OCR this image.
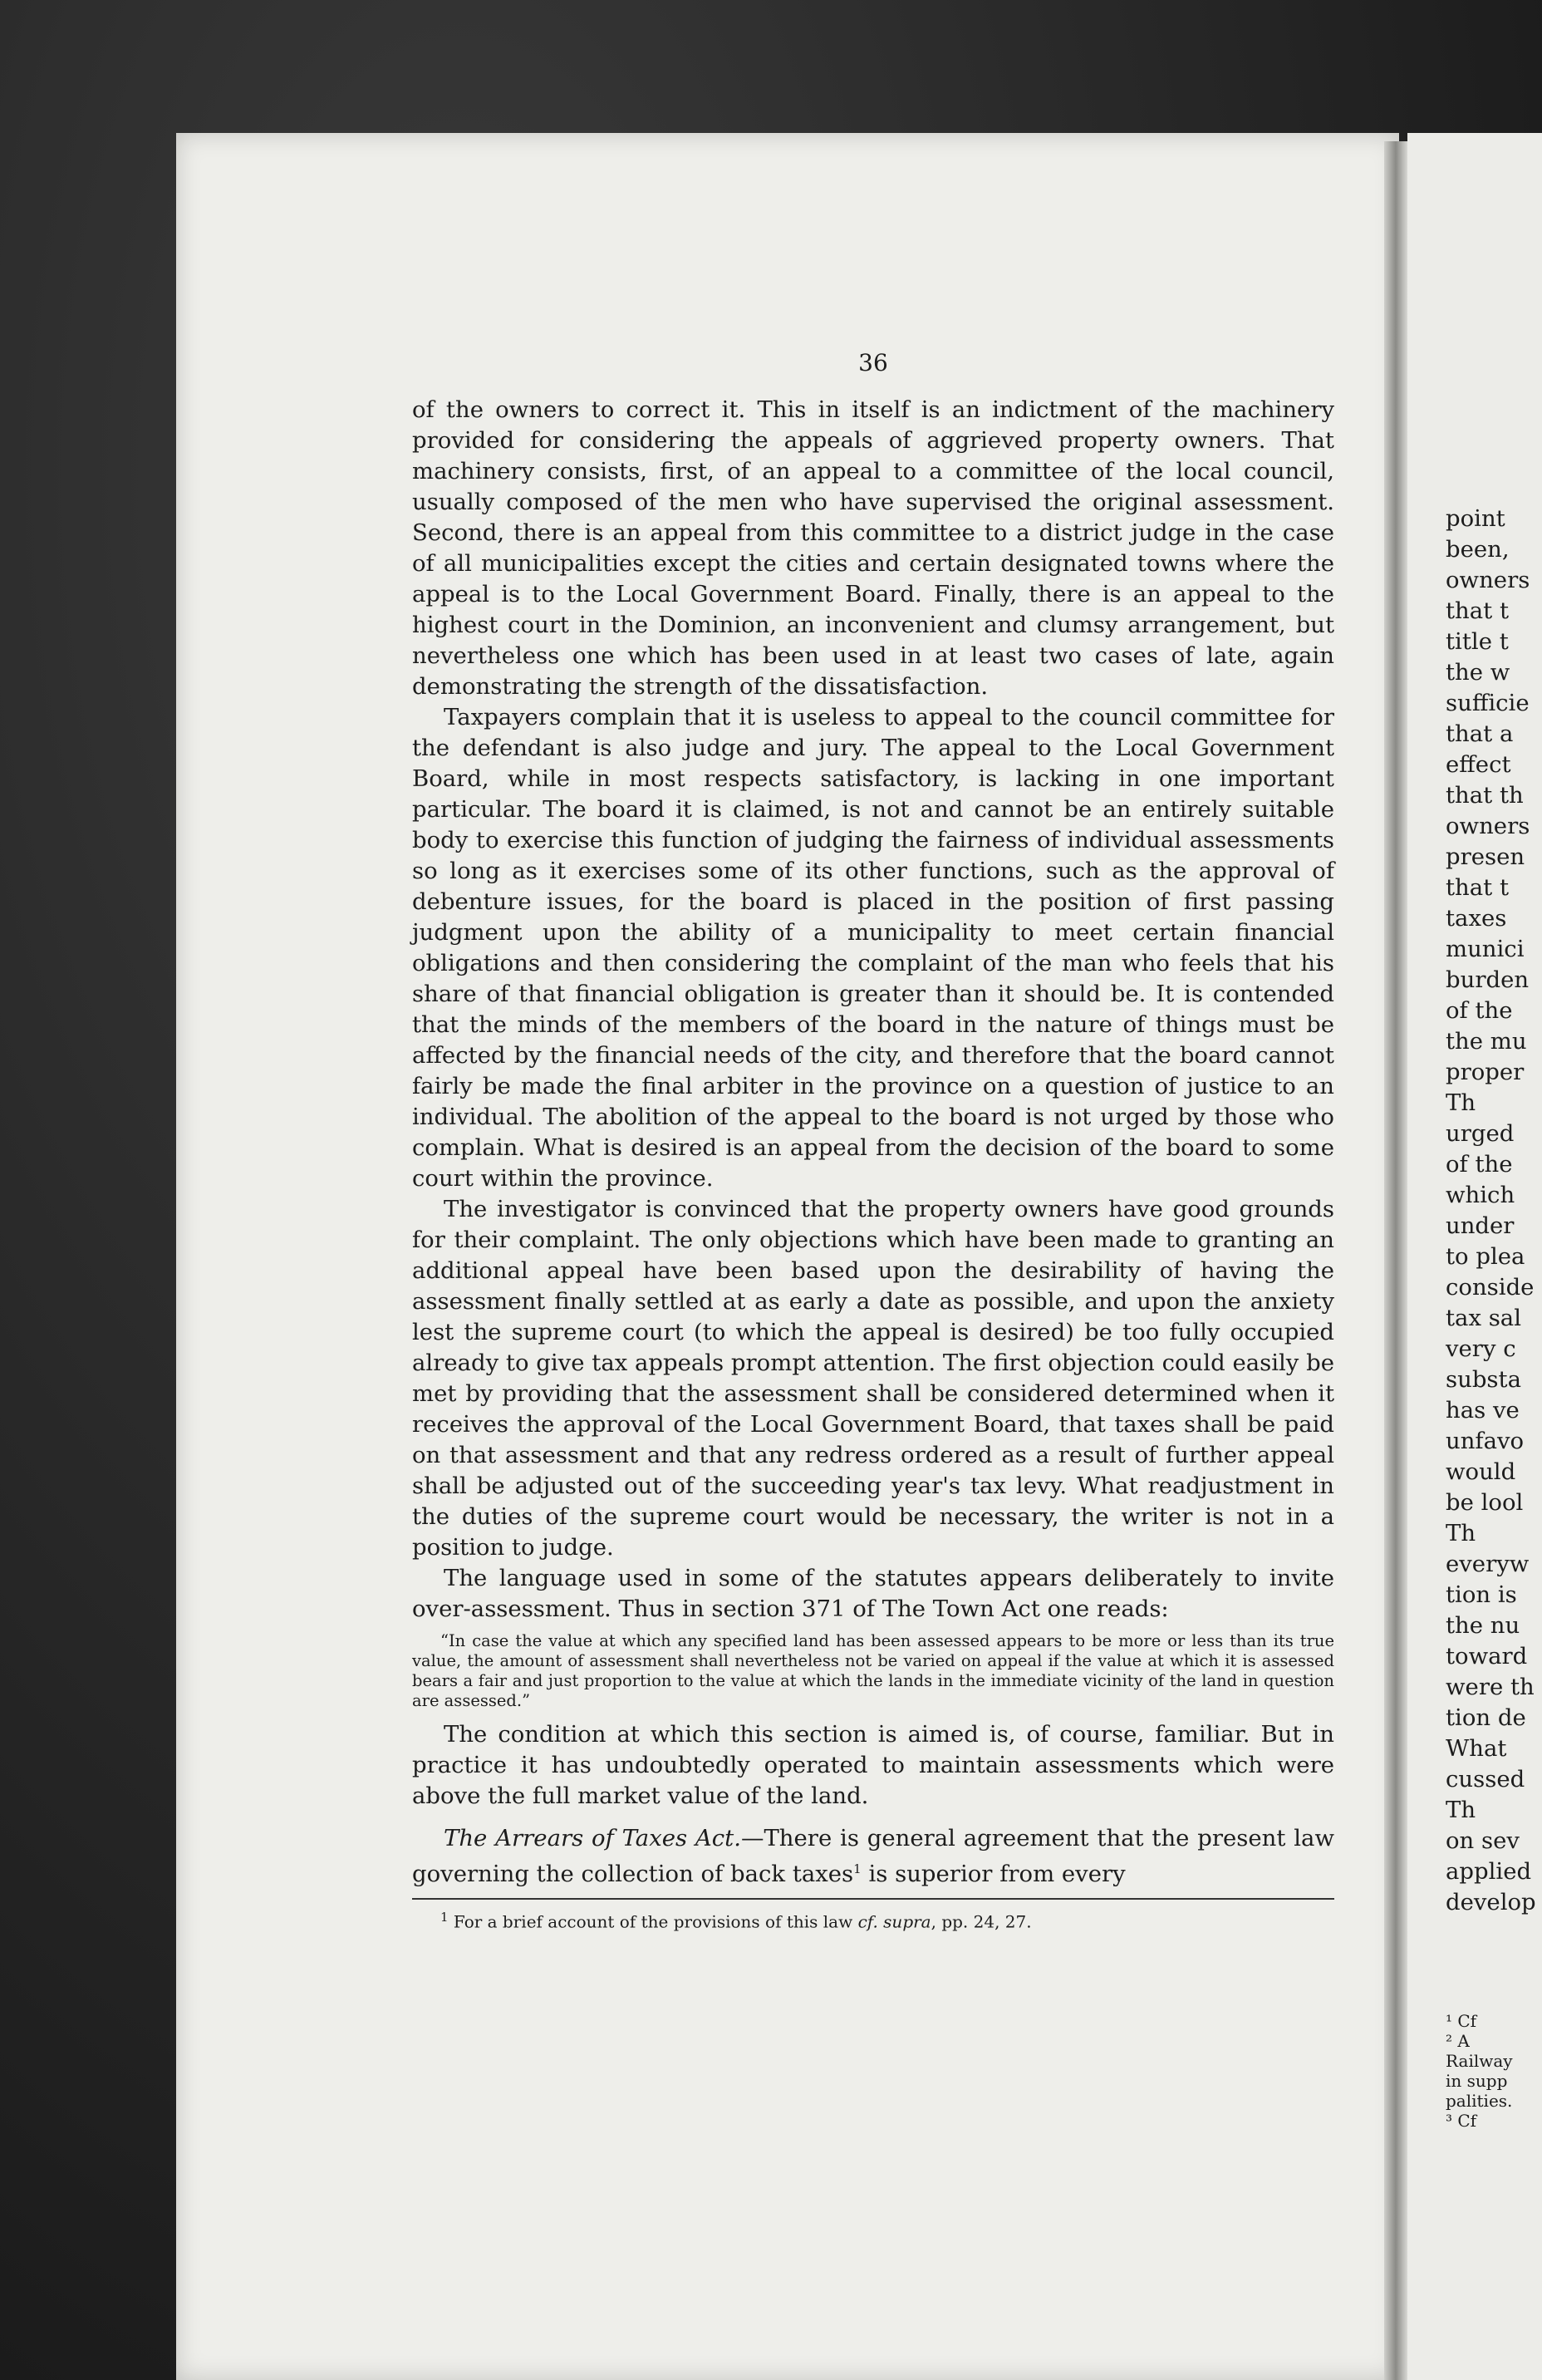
point
been,
owners
that t
title t
the w
sufficie
that a
effect
that th
owners
presen
that t
taxes
munici
burden
of the
the mu
proper
Th
urged
of the
which
under
to plea
conside
tax sal
very c
substa
has ve
unfavo
would
be lool
Th
everyw
tion is
the nu
toward
were th
tion de
What
cussed
Th
on sev
applied
develop
¹ Cf
² A
Railway
in supp
palities.
³ Cf
36

of the owners to correct it. This in itself is an indictment of the machinery provided for considering the appeals of aggrieved property owners. That machinery consists, first, of an appeal to a committee of the local council, usually composed of the men who have supervised the original assessment. Second, there is an appeal from this committee to a district judge in the case of all municipalities except the cities and certain designated towns where the appeal is to the Local Government Board. Finally, there is an appeal to the highest court in the Dominion, an inconvenient and clumsy arrangement, but nevertheless one which has been used in at least two cases of late, again demonstrating the strength of the dissatisfaction.

Taxpayers complain that it is useless to appeal to the council committee for the defendant is also judge and jury. The appeal to the Local Government Board, while in most respects satisfactory, is lacking in one important particular. The board it is claimed, is not and cannot be an entirely suitable body to exercise this function of judging the fairness of individual assessments so long as it exercises some of its other functions, such as the approval of debenture issues, for the board is placed in the position of first passing judgment upon the ability of a municipality to meet certain financial obligations and then considering the complaint of the man who feels that his share of that financial obligation is greater than it should be. It is contended that the minds of the members of the board in the nature of things must be affected by the financial needs of the city, and therefore that the board cannot fairly be made the final arbiter in the province on a question of justice to an individual. The abolition of the appeal to the board is not urged by those who complain. What is desired is an appeal from the decision of the board to some court within the province.

The investigator is convinced that the property owners have good grounds for their complaint. The only objections which have been made to granting an additional appeal have been based upon the desirability of having the assessment finally settled at as early a date as possible, and upon the anxiety lest the supreme court (to which the appeal is desired) be too fully occupied already to give tax appeals prompt attention. The first objection could easily be met by providing that the assessment shall be considered determined when it receives the approval of the Local Government Board, that taxes shall be paid on that assessment and that any redress ordered as a result of further appeal shall be adjusted out of the succeeding year's tax levy. What readjustment in the duties of the supreme court would be necessary, the writer is not in a position to judge.

The language used in some of the statutes appears deliberately to invite over-assessment. Thus in section 371 of The Town Act one reads:

“In case the value at which any specified land has been assessed appears to be more or less than its true value, the amount of assessment shall nevertheless not be varied on appeal if the value at which it is assessed bears a fair and just proportion to the value at which the lands in the immediate vicinity of the land in question are assessed.”

The condition at which this section is aimed is, of course, familiar. But in practice it has undoubtedly operated to maintain assessments which were above the full market value of the land.

The Arrears of Taxes Act.—There is general agreement that the present law governing the collection of back taxes$^1$ is superior from every

$^1$ For a brief account of the provisions of this law cf. supra, pp. 24, 27.
